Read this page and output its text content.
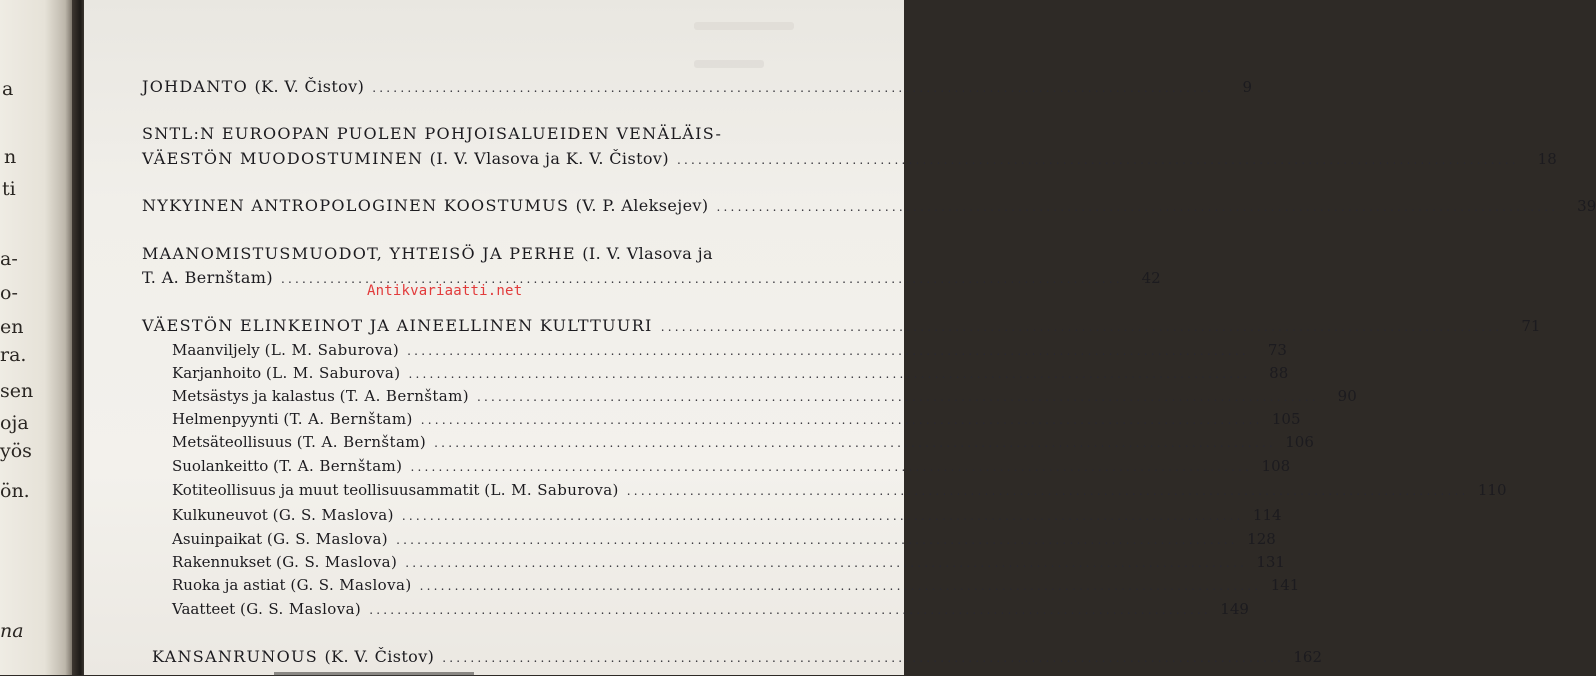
a
n
ti
a-
o-
en
ra.
sen
oja
yös
ön.
na
JOHDANTO (K. V. Čistov) ........................................................................................................................	9
SNTL:N EUROOPAN PUOLEN POHJOISALUEIDEN VENÄLÄIS-
VÄESTÖN MUODOSTUMINEN (I. V. Vlasova ja K. V. Čistov) ........................................................................................................................	18
NYKYINEN ANTROPOLOGINEN KOOSTUMUS (V. P. Aleksejev) ........................................................................................................................	39
MAANOMISTUSMUODOT, YHTEISÖ JA PERHE (I. V. Vlasova ja
T. A. Bernštam) ........................................................................................................................	42
VÄESTÖN ELINKEINOT JA AINEELLINEN KULTTUURI ........................................................................................................................	71
Maanviljely (L. M. Saburova) ........................................................................................................................	73
Karjanhoito (L. M. Saburova) ........................................................................................................................	88
Metsästys ja kalastus (T. A. Bernštam) ........................................................................................................................	90
Helmenpyynti (T. A. Bernštam) ........................................................................................................................ 105
Metsäteollisuus (T. A. Bernštam) ........................................................................................................................ 106
Suolankeitto (T. A. Bernštam) ........................................................................................................................ 108
Kotiteollisuus ja muut teollisuusammatit (L. M. Saburova) ........................................................................................................................ 110
Kulkuneuvot (G. S. Maslova) ........................................................................................................................ 114
Asuinpaikat (G. S. Maslova) ........................................................................................................................ 128
Rakennukset (G. S. Maslova) ........................................................................................................................ 131
Ruoka ja astiat (G. S. Maslova) ........................................................................................................................ 141
Vaatteet (G. S. Maslova) ........................................................................................................................ 149
KANSANRUNOUS (K. V. Čistov) ........................................................................................................................ 162
Antikvariaatti.net
